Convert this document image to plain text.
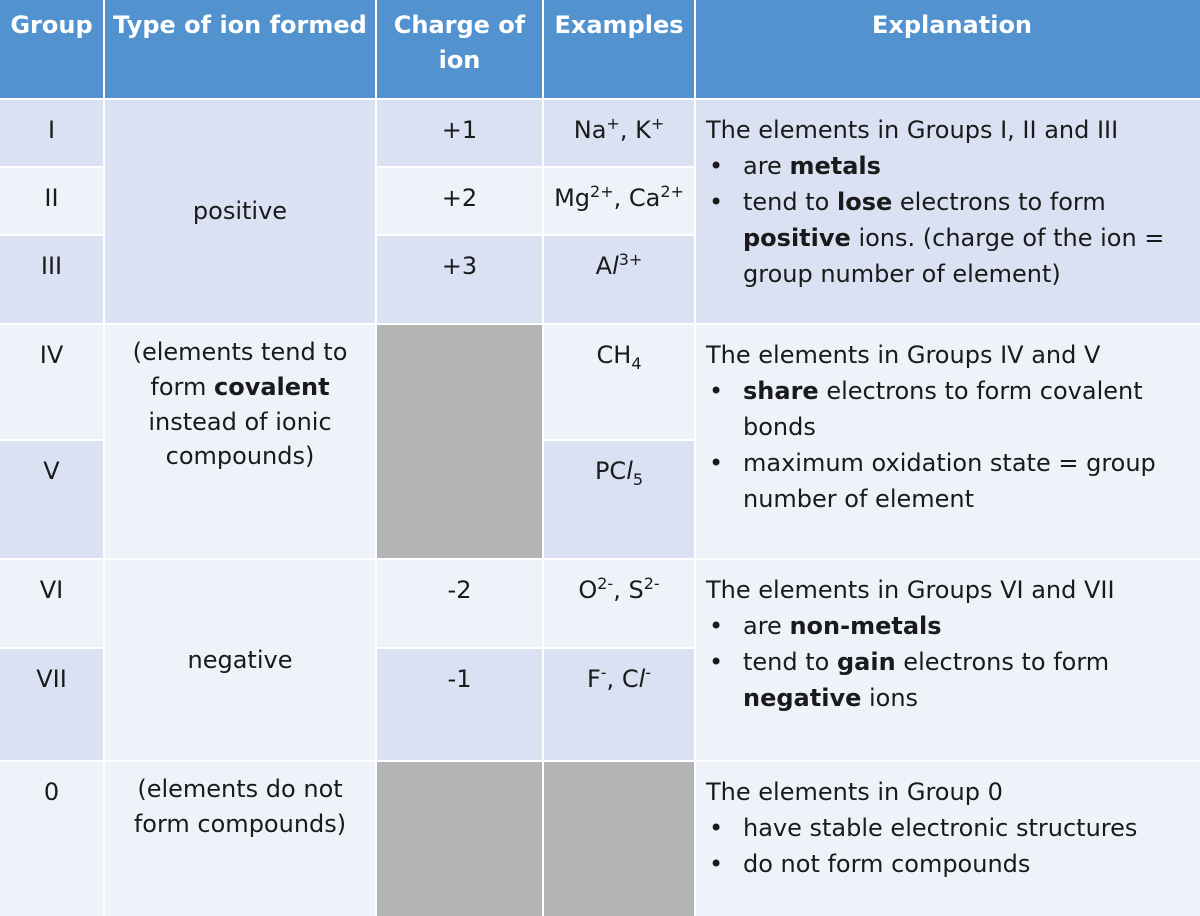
Group Type of ion formed	Charge of ion
Examples	Explanation
I
II
III
IV
V
VI
VII
0
positive
(elements tend to form covalent instead of ionic compounds)
negative
(elements do not form compounds)
+1
+2
+3
-2
-1
Na+, K+
$Mg^{2+}$, $Ca^{2+}$
$Al^{3+}$
$CH_4$
PCl$_5$
$O^{2-}$, $S^{2-}$
F-, Cl-
The elements in Groups I, II and III
• are metals
• tend to lose electrons to form positive ions. (charge of the ion = group number of element)
The elements in Groups IV and V
• share electrons to form covalent bonds
• maximum oxidation state = group number of element
The elements in Groups VI and VII
• are non-metals
• tend to gain electrons to form negative ions
The elements in Group 0
• have stable electronic structures
• do not form compounds
